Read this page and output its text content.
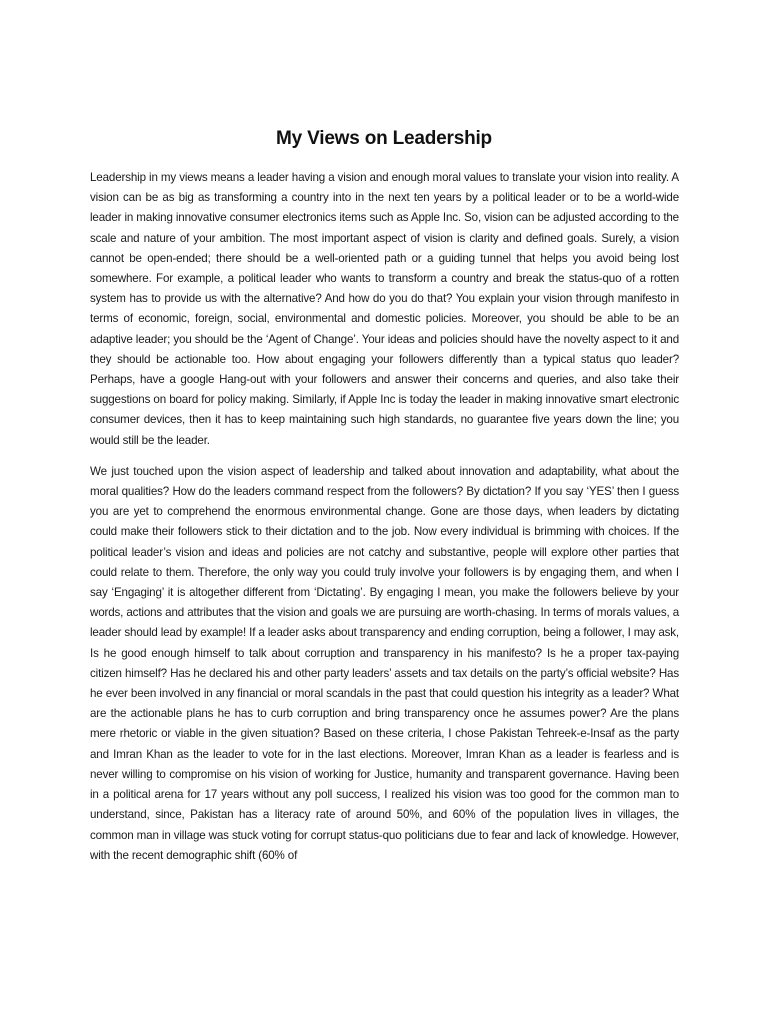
My Views on Leadership

Leadership in my views means a leader having a vision and enough moral values to translate your vision into reality. A vision can be as big as transforming a country into in the next ten years by a political leader or to be a world-wide leader in making innovative consumer electronics items such as Apple Inc. So, vision can be adjusted according to the scale and nature of your ambition. The most important aspect of vision is clarity and defined goals. Surely, a vision cannot be open-ended; there should be a well-oriented path or a guiding tunnel that helps you avoid being lost somewhere. For example, a political leader who wants to transform a country and break the status-quo of a rotten system has to provide us with the alternative? And how do you do that? You explain your vision through manifesto in terms of economic, foreign, social, environmental and domestic policies. Moreover, you should be able to be an adaptive leader; you should be the ‘Agent of Change’. Your ideas and policies should have the novelty aspect to it and they should be actionable too. How about engaging your followers differently than a typical status quo leader? Perhaps, have a google Hang-out with your followers and answer their concerns and queries, and also take their suggestions on board for policy making. Similarly, if Apple Inc is today the leader in making innovative smart electronic consumer devices, then it has to keep maintaining such high standards, no guarantee five years down the line; you would still be the leader.

We just touched upon the vision aspect of leadership and talked about innovation and adaptability, what about the moral qualities? How do the leaders command respect from the followers? By dictation? If you say ‘YES’ then I guess you are yet to comprehend the enormous environmental change. Gone are those days, when leaders by dictating could make their followers stick to their dictation and to the job. Now every individual is brimming with choices. If the political leader’s vision and ideas and policies are not catchy and substantive, people will explore other parties that could relate to them. Therefore, the only way you could truly involve your followers is by engaging them, and when I say ‘Engaging’ it is altogether different from ‘Dictating’. By engaging I mean, you make the followers believe by your words, actions and attributes that the vision and goals we are pursuing are worth-chasing. In terms of morals values, a leader should lead by example! If a leader asks about transparency and ending corruption, being a follower, I may ask, Is he good enough himself to talk about corruption and transparency in his manifesto? Is he a proper tax-paying citizen himself? Has he declared his and other party leaders’ assets and tax details on the party’s official website? Has he ever been involved in any financial or moral scandals in the past that could question his integrity as a leader? What are the actionable plans he has to curb corruption and bring transparency once he assumes power? Are the plans mere rhetoric or viable in the given situation? Based on these criteria, I chose Pakistan Tehreek-e-Insaf as the party and Imran Khan as the leader to vote for in the last elections. Moreover, Imran Khan as a leader is fearless and is never willing to compromise on his vision of working for Justice, humanity and transparent governance. Having been in a political arena for 17 years without any poll success, I realized his vision was too good for the common man to understand, since, Pakistan has a literacy rate of around 50%, and 60% of the population lives in villages, the common man in village was stuck voting for corrupt status-quo politicians due to fear and lack of knowledge. However, with the recent demographic shift (60% of
